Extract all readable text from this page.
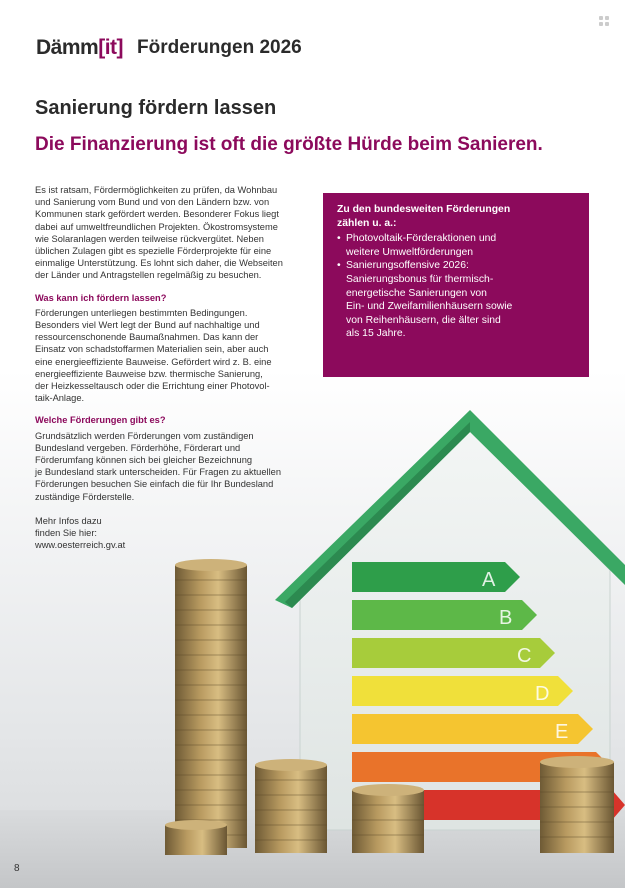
A
B
C
D
E
Dämm [ it ] Förderungen 2026
Sanierung fördern lassen
Die Finanzierung ist oft die größte Hürde beim Sanieren.

Es ist ratsam, Fördermöglichkeiten zu prüfen, da Wohnbau
und Sanierung vom Bund und von den Ländern bzw. von
Kommunen stark gefördert werden. Besonderer Fokus liegt
dabei auf umweltfreundlichen Projekten. Ökostromsysteme
wie Solaranlagen werden teilweise rückvergütet. Neben
üblichen Zulagen gibt es spezielle Förderprojekte für eine
einmalige Unterstützung. Es lohnt sich daher, die Webseiten
der Länder und Antragstellen regelmäßig zu besuchen.

Was kann ich fördern lassen?

Förderungen unterliegen bestimmten Bedingungen.
Besonders viel Wert legt der Bund auf nachhaltige und
ressourcenschonende Baumaßnahmen. Das kann der
Einsatz von schadstoffarmen Materialien sein, aber auch
eine energieeffiziente Bauweise. Gefördert wird z. B. eine
energieeffiziente Bauweise bzw. thermische Sanierung,
der Heizkesseltausch oder die Errichtung einer Photovol-
taik-Anlage.

Welche Förderungen gibt es?

Grundsätzlich werden Förderungen vom zuständigen
Bundesland vergeben. Förderhöhe, Förderart und
Förderumfang können sich bei gleicher Bezeichnung
je Bundesland stark unterscheiden. Für Fragen zu aktuellen
Förderungen besuchen Sie einfach die für Ihr Bundesland
zuständige Förderstelle.

Mehr Infos dazu
finden Sie hier:
www.oesterreich.gv.at

Zu den bundesweiten Förderungen
zählen u. a.:
• Photovoltaik-Förderaktionen und
weitere Umweltförderungen
• Sanierungsoffensive 2026:
Sanierungsbonus für thermisch-
energetische Sanierungen von
Ein- und Zweifamilienhäusern sowie
von Reihenhäusern, die älter sind
als 15 Jahre.
8
